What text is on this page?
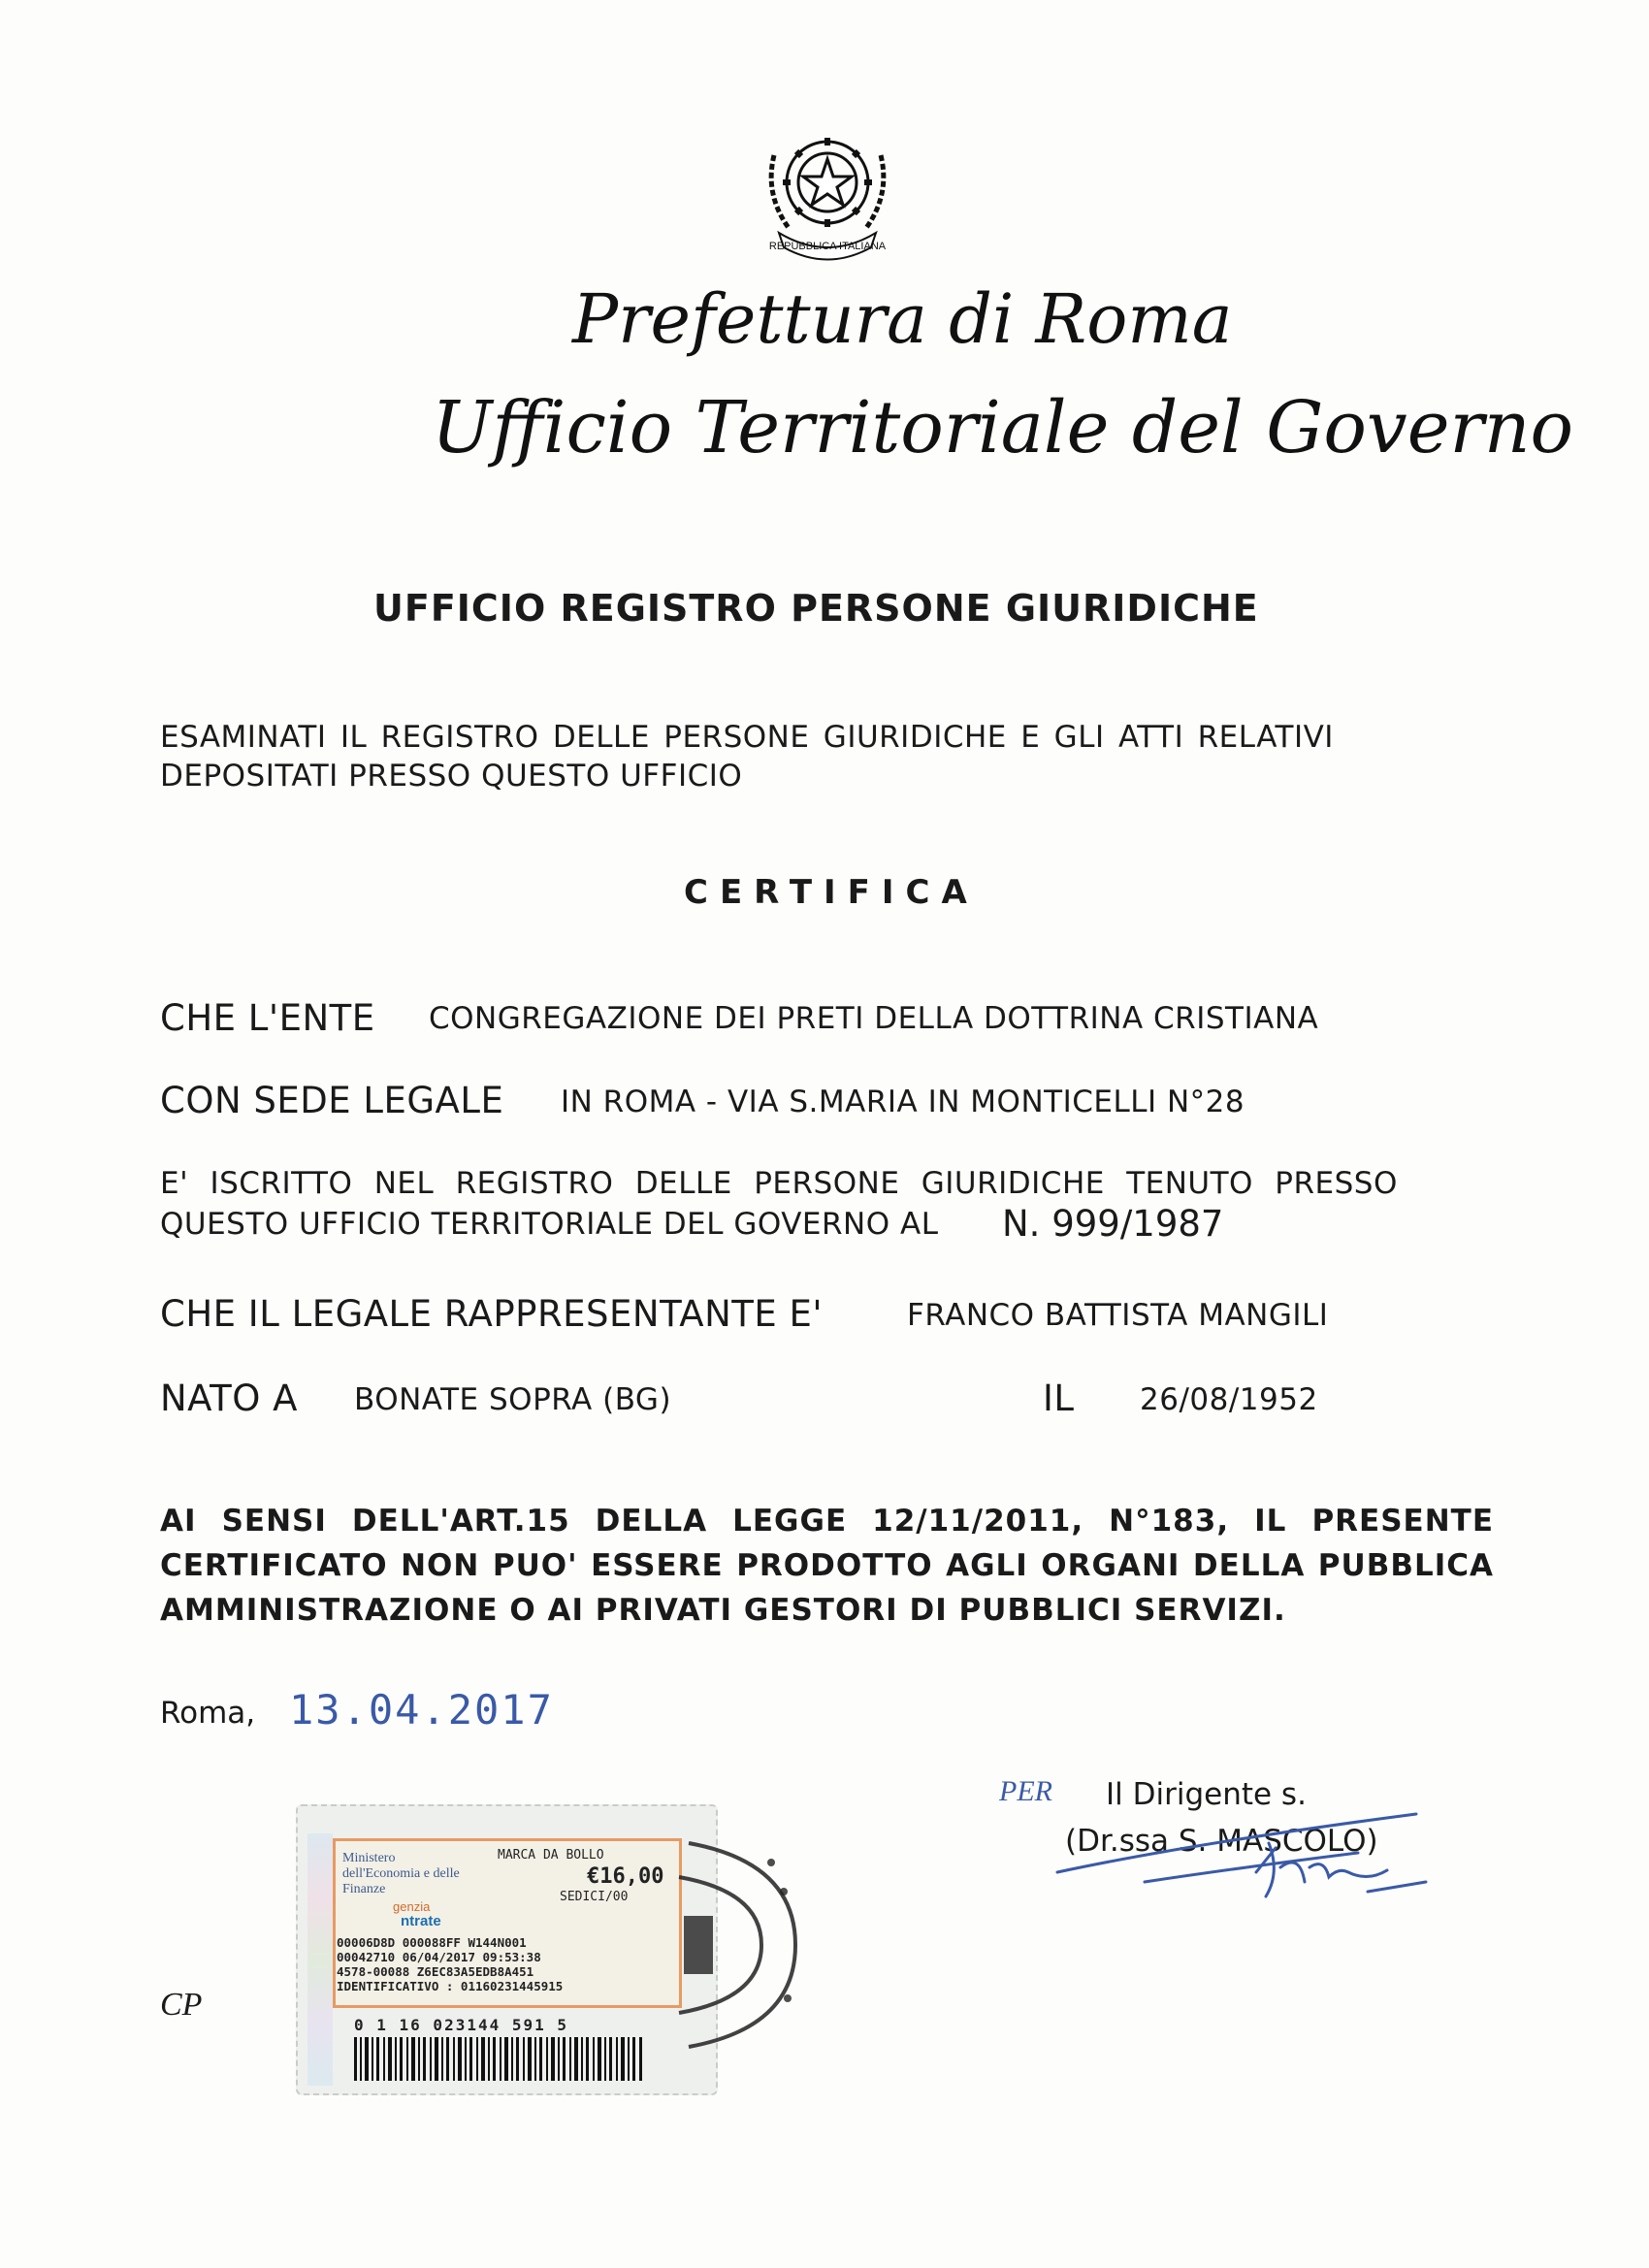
REPUBBLICA ITALIANA
Prefettura di Roma
Ufficio Territoriale del Governo
UFFICIO REGISTRO PERSONE GIURIDICHE
ESAMINATI IL REGISTRO DELLE PERSONE GIURIDICHE E GLI ATTI RELATIVI
DEPOSITATI PRESSO QUESTO UFFICIO
CERTIFICA
CHE L'ENTE CONGREGAZIONE DEI PRETI DELLA DOTTRINA CRISTIANA
CON SEDE LEGALE IN ROMA - VIA S.MARIA IN MONTICELLI N°28
E' ISCRITTO NEL REGISTRO DELLE PERSONE GIURIDICHE TENUTO PRESSO
QUESTO UFFICIO TERRITORIALE DEL GOVERNO AL N. 999/1987
CHE IL LEGALE RAPPRESENTANTE E'	FRANCO BATTISTA MANGILI
NATO A BONATE SOPRA (BG)	IL 26/08/1952
AI SENSI DELL'ART.15 DELLA LEGGE 12/11/2011, N°183, IL PRESENTE CERTIFICATO NON PUO' ESSERE PRODOTTO AGLI ORGANI DELLA PUBBLICA AMMINISTRAZIONE O AI PRIVATI GESTORI DI PUBBLICI SERVIZI.
Roma, 13.04.2017
PER Il Dirigente s.
(Dr.ssa S. MASCOLO)
CP
Ministero dell'Economia e delle Finanze
MARCA DA BOLLO
€16,00
SEDICI/00
genzia
ntrate
00006D8D 000088FF W144N001
00042710 06/04/2017 09:53:38
4578-00088 Z6EC83A5EDB8A451
IDENTIFICATIVO : 01160231445915
0 1 16 023144 591 5
